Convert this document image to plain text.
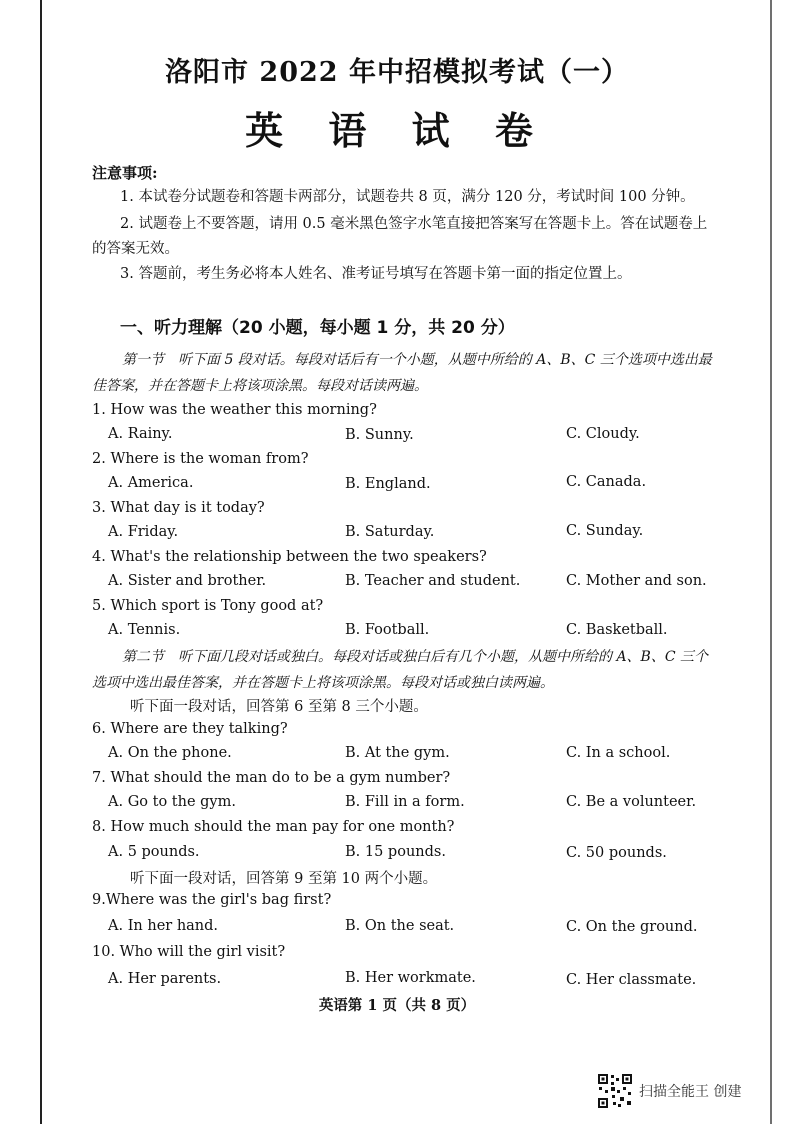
洛阳市 2022 年中招模拟考试（一）
英 语 试 卷
注意事项:
1. 本试卷分试题卷和答题卡两部分，试题卷共 8 页，满分 120 分，考试时间 100 分钟。
2. 试题卷上不要答题，请用 0.5 毫米黑色签字水笔直接把答案写在答题卡上。答在试题卷上的答案无效。
3. 答题前，考生务必将本人姓名、准考证号填写在答题卡第一面的指定位置上。
一、听力理解（20 小题，每小题 1 分，共 20 分）
第一节　听下面 5 段对话。每段对话后有一个小题，从题中所给的 A、B、C 三个选项中选出最佳答案，并在答题卡上将该项涂黑。每段对话读两遍。
1. How was the weather this morning?
A. Rainy.	B. Sunny.	C. Cloudy.
2. Where is the woman from?
A. America.	B. England.	C. Canada.
3. What day is it today?
A. Friday.	B. Saturday.	C. Sunday.
4. What's the relationship between the two speakers?
A. Sister and brother.	B. Teacher and student.	C. Mother and son.
5. Which sport is Tony good at?
A. Tennis.	B. Football.	C. Basketball.
第二节　听下面几段对话或独白。每段对话或独白后有几个小题，从题中所给的 A、B、C 三个选项中选出最佳答案，并在答题卡上将该项涂黑。每段对话或独白读两遍。
听下面一段对话，回答第 6 至第 8 三个小题。
6. Where are they talking?
A. On the phone.	B. At the gym.	C. In a school.
7. What should the man do to be a gym number?
A. Go to the gym.	B. Fill in a form.	C. Be a volunteer.
8. How much should the man pay for one month?
A. 5 pounds.	B. 15 pounds.	C. 50 pounds.
听下面一段对话，回答第 9 至第 10 两个小题。
9.Where was the girl's bag first?
A. In her hand.	B. On the seat.	C. On the ground.
10. Who will the girl visit?
A. Her parents.	B. Her workmate.	C. Her classmate.
英语第 1 页（共 8 页）
扫描全能王 创建
